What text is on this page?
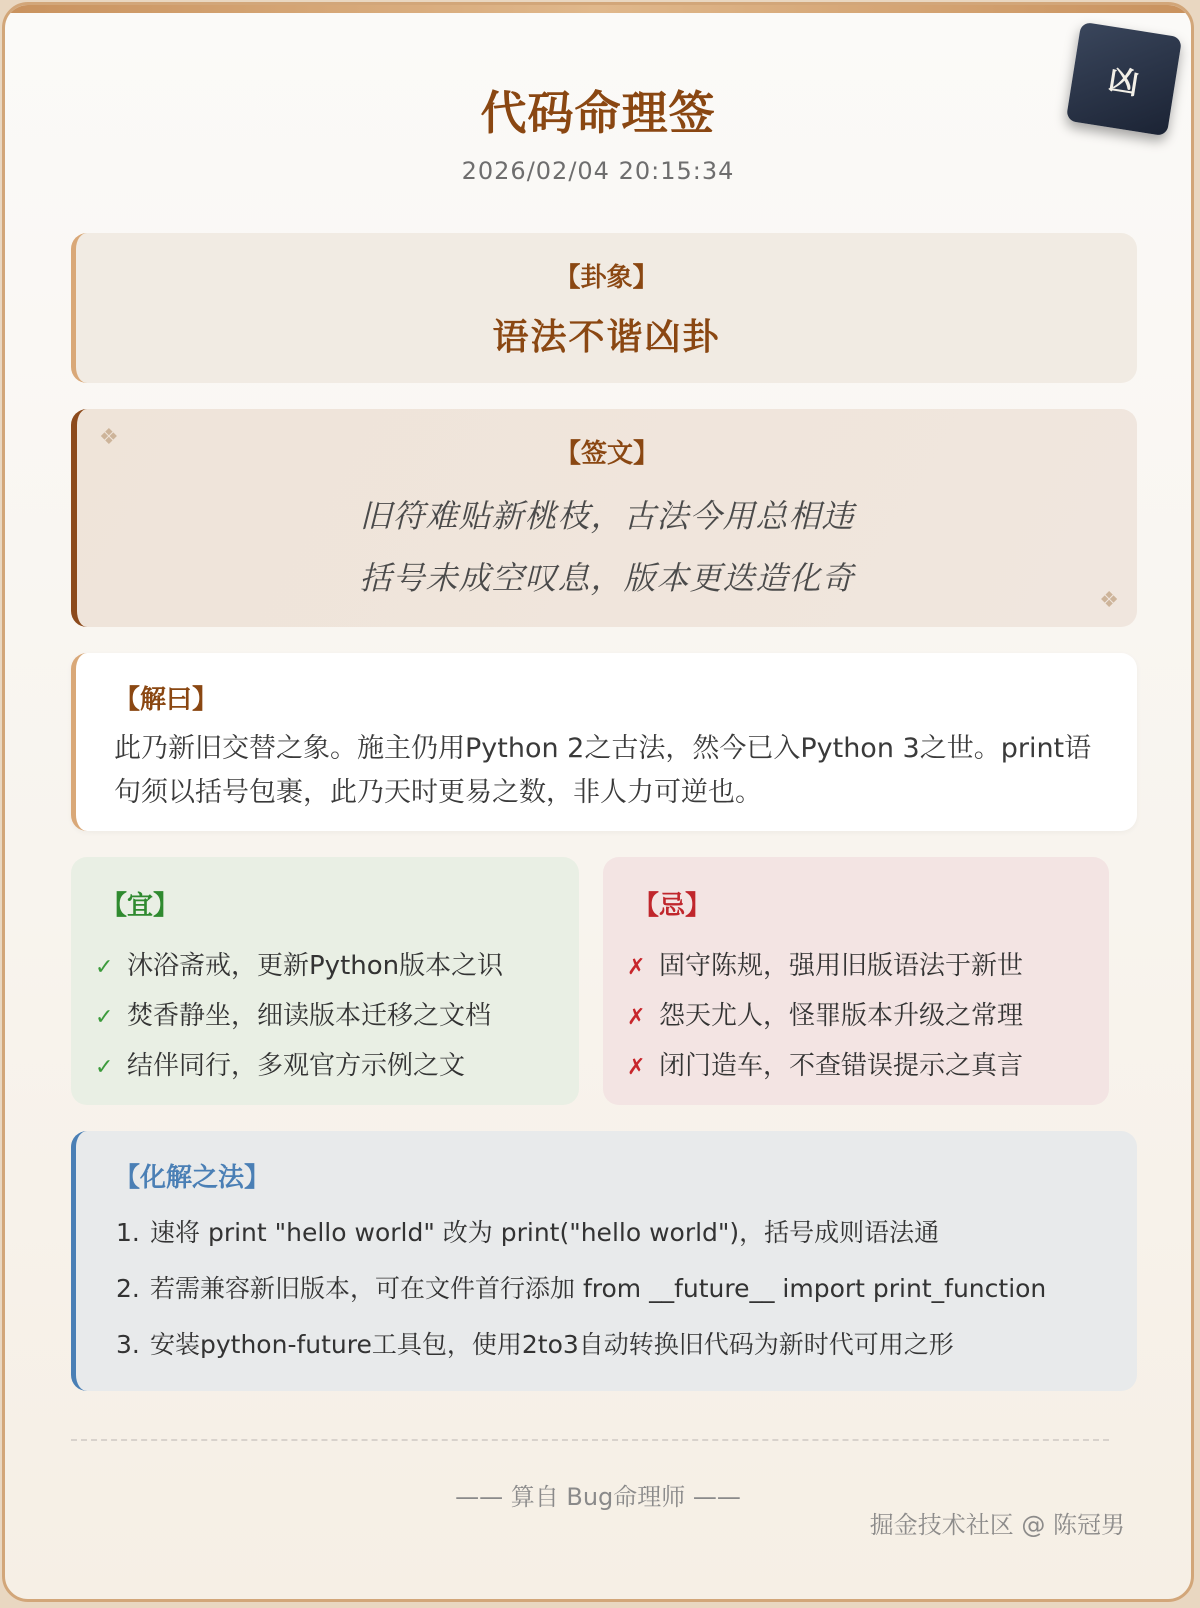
凶
代码命理签
2026/02/04 20:15:34
【卦象】
语法不谐凶卦
❖
【签文】
旧符难贴新桃枝，古法今用总相违
括号未成空叹息，版本更迭造化奇
❖
【解曰】
此乃新旧交替之象。施主仍用Python 2之古法，然今已入Python 3之世。print语句须以括号包裹，此乃天时更易之数，非人力可逆也。
【宜】
✓ 沐浴斋戒，更新Python版本之识
✓ 焚香静坐，细读版本迁移之文档
✓ 结伴同行，多观官方示例之文
【忌】
✗ 固守陈规，强用旧版语法于新世
✗ 怨天尤人，怪罪版本升级之常理
✗ 闭门造车，不查错误提示之真言
【化解之法】
1. 速将 print "hello world" 改为 print("hello world")，括号成则语法通
2. 若需兼容新旧版本，可在文件首行添加 from __future__ import print_function
3. 安装python-future工具包，使用2to3自动转换旧代码为新时代可用之形
—— 算自 Bug命理师 ——
掘金技术社区 @ 陈冠男
